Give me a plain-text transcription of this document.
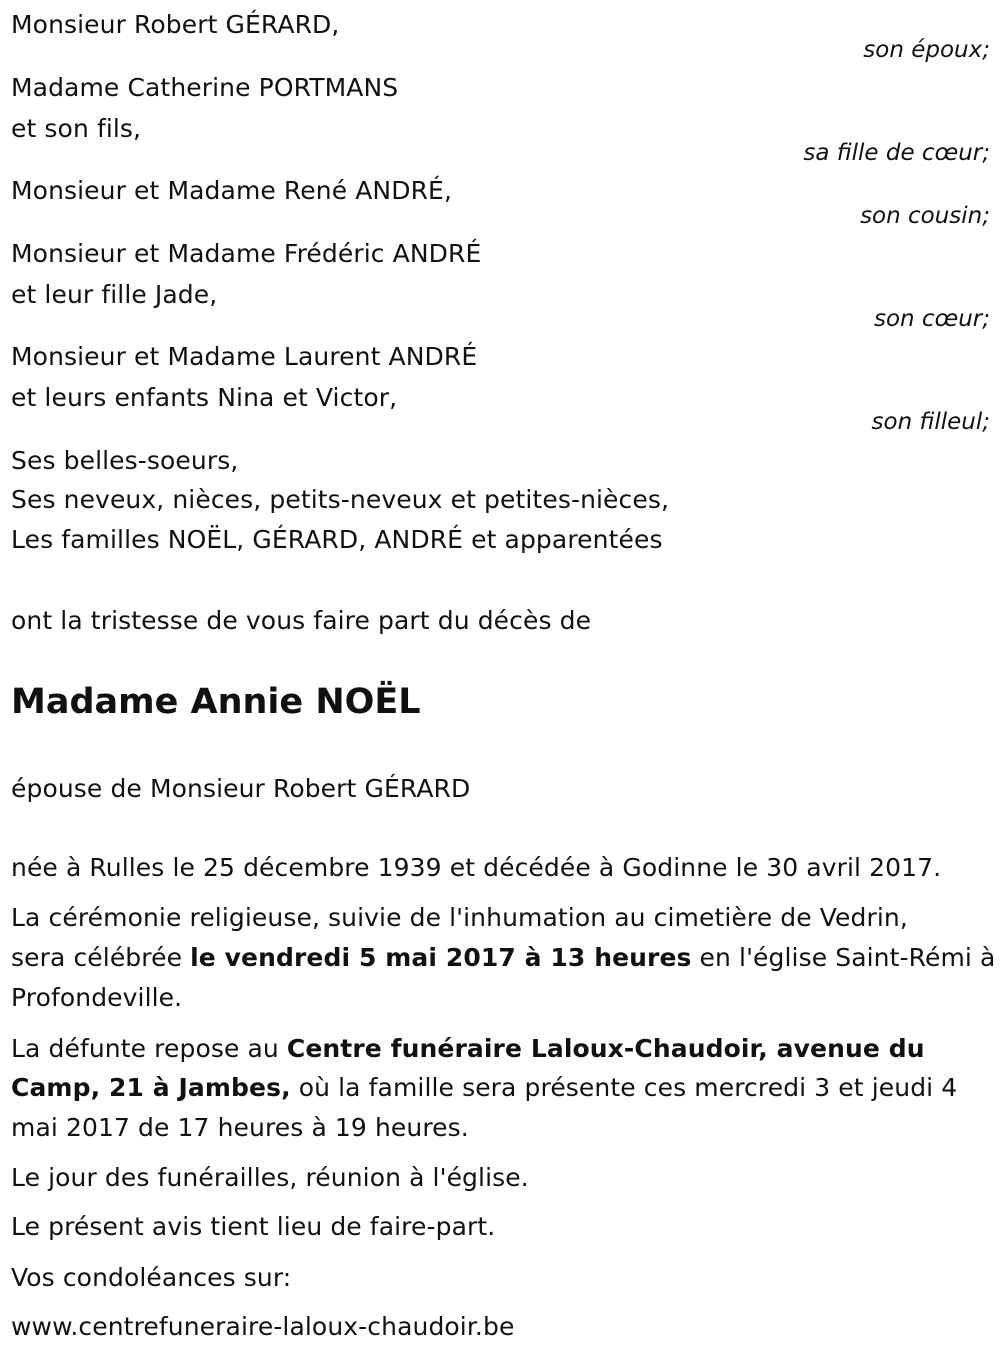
Monsieur Robert GÉRARD,
son époux;
Madame Catherine PORTMANS
et son fils,
sa fille de cœur;
Monsieur et Madame René ANDRÉ,
son cousin;
Monsieur et Madame Frédéric ANDRÉ
et leur fille Jade,
son cœur;
Monsieur et Madame Laurent ANDRÉ
et leurs enfants Nina et Victor,
son filleul;
Ses belles-soeurs,
Ses neveux, nièces, petits-neveux et petites-nièces,
Les familles NOËL, GÉRARD, ANDRÉ et apparentées
ont la tristesse de vous faire part du décès de
Madame Annie NOËL
épouse de Monsieur Robert GÉRARD
née à Rulles le 25 décembre 1939 et décédée à Godinne le 30 avril 2017.
La cérémonie religieuse, suivie de l'inhumation au cimetière de Vedrin,
sera célébrée le vendredi 5 mai 2017 à 13 heures en l'église Saint-Rémi à
Profondeville.
La défunte repose au Centre funéraire Laloux-Chaudoir, avenue du
Camp, 21 à Jambes, où la famille sera présente ces mercredi 3 et jeudi 4
mai 2017 de 17 heures à 19 heures.
Le jour des funérailles, réunion à l'église.
Le présent avis tient lieu de faire-part.
Vos condoléances sur:
www.centrefuneraire-laloux-chaudoir.be
